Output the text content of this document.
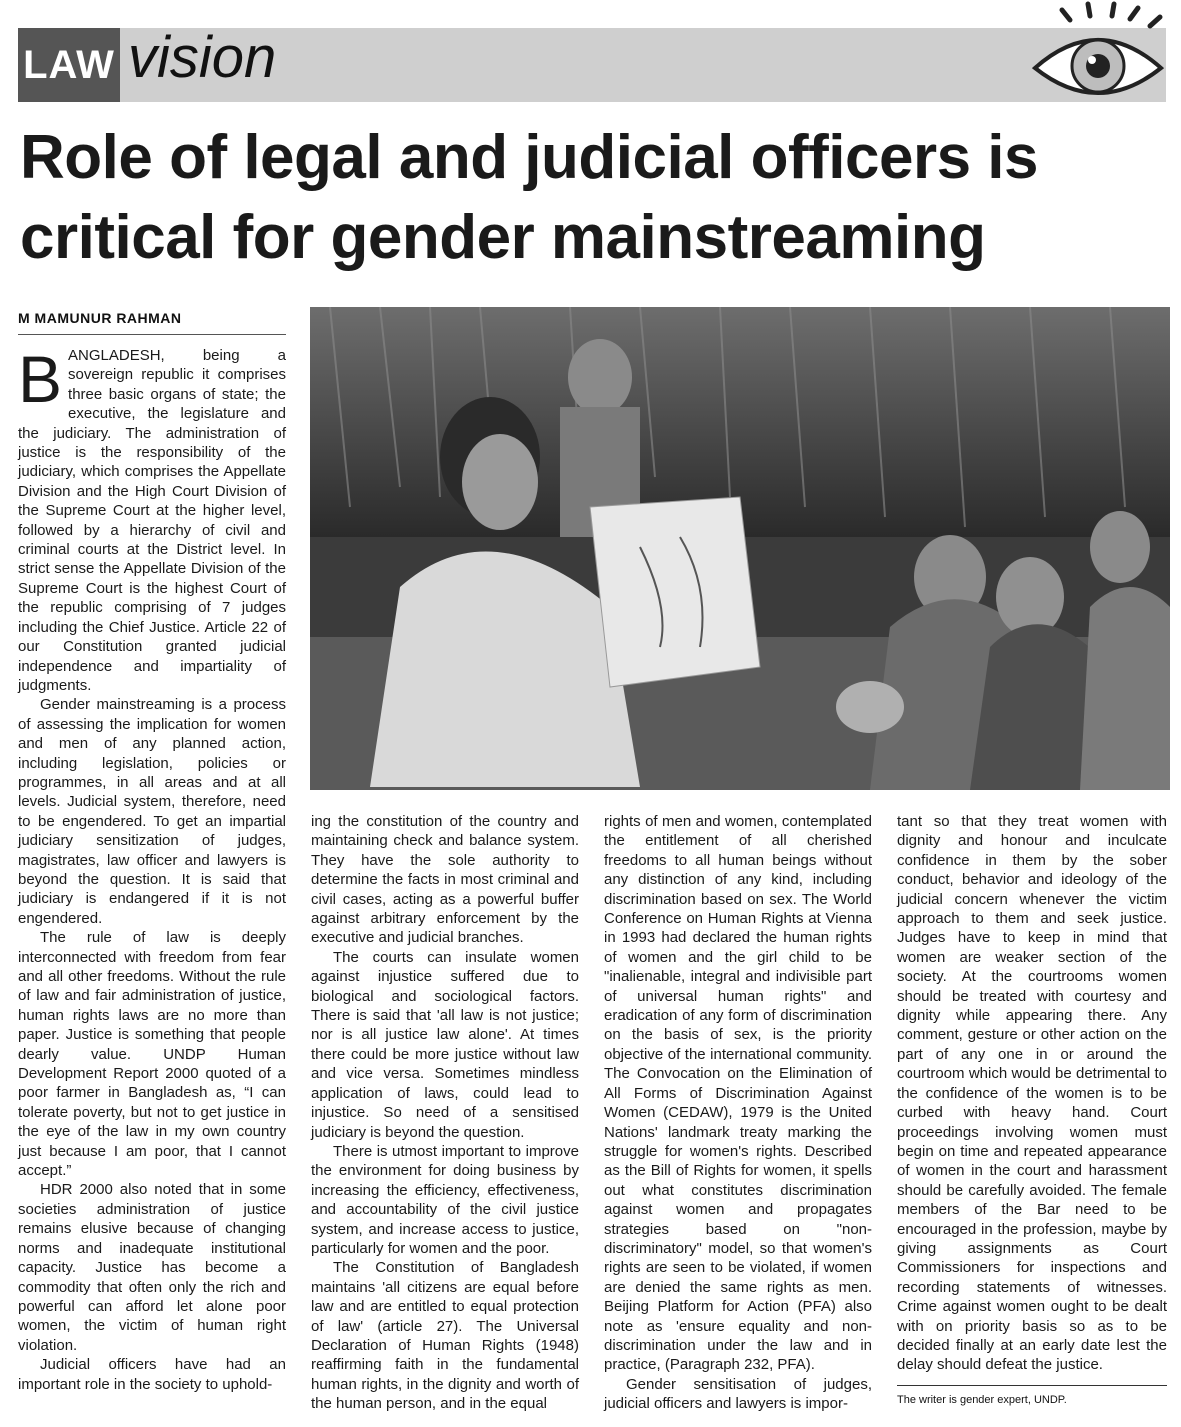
LAW vision
Role of legal and judicial officers is critical for gender mainstreaming
M MAMUNUR RAHMAN

BANGLADESH, being a sovereign republic it comprises three basic organs of state; the executive, the legislature and the judiciary. The administration of justice is the responsibility of the judiciary, which comprises the Appellate Division and the High Court Division of the Supreme Court at the higher level, followed by a hierarchy of civil and criminal courts at the District level. In strict sense the Appellate Division of the Supreme Court is the highest Court of the republic comprising of 7 judges including the Chief Justice. Article 22 of our Constitution granted judicial independence and impartiality of judgments.

Gender mainstreaming is a process of assessing the implication for women and men of any planned action, including legislation, policies or programmes, in all areas and at all levels. Judicial system, therefore, need to be engendered. To get an impartial judiciary sensitization of judges, magistrates, law officer and lawyers is beyond the question. It is said that judiciary is endangered if it is not engendered.

The rule of law is deeply interconnected with freedom from fear and all other freedoms. Without the rule of law and fair administration of justice, human rights laws are no more than paper. Justice is something that people dearly value. UNDP Human Development Report 2000 quoted of a poor farmer in Bangladesh as, “I can tolerate poverty, but not to get justice in the eye of the law in my own country just because I am poor, that I cannot accept.”

HDR 2000 also noted that in some societies administration of justice remains elusive because of changing norms and inadequate institutional capacity. Justice has become a commodity that often only the rich and powerful can afford let alone poor women, the victim of human right violation.

Judicial officers have had an important role in the society to uphold-

ing the constitution of the country and maintaining check and balance system. They have the sole authority to determine the facts in most criminal and civil cases, acting as a powerful buffer against arbitrary enforcement by the executive and judicial branches.

The courts can insulate women against injustice suffered due to biological and sociological factors. There is said that 'all law is not justice; nor is all justice law alone'. At times there could be more justice without law and vice versa. Sometimes mindless application of laws, could lead to injustice. So need of a sensitised judiciary is beyond the question.

There is utmost important to improve the environment for doing business by increasing the efficiency, effectiveness, and accountability of the civil justice system, and increase access to justice, particularly for women and the poor.

The Constitution of Bangladesh maintains 'all citizens are equal before law and are entitled to equal protection of law' (article 27). The Universal Declaration of Human Rights (1948) reaffirming faith in the fundamental human rights, in the dignity and worth of the human person, and in the equal

rights of men and women, contemplated the entitlement of all cherished freedoms to all human beings without any distinction of any kind, including discrimination based on sex. The World Conference on Human Rights at Vienna in 1993 had declared the human rights of women and the girl child to be "inalienable, integral and indivisible part of universal human rights" and eradication of any form of discrimination on the basis of sex, is the priority objective of the international community. The Convocation on the Elimination of All Forms of Discrimination Against Women (CEDAW), 1979 is the United Nations' landmark treaty marking the struggle for women's rights. Described as the Bill of Rights for women, it spells out what constitutes discrimination against women and propagates strategies based on "non-discriminatory" model, so that women's rights are seen to be violated, if women are denied the same rights as men. Beijing Platform for Action (PFA) also note as 'ensure equality and non-discrimination under the law and in practice, (Paragraph 232, PFA).

Gender sensitisation of judges, judicial officers and lawyers is impor-

tant so that they treat women with dignity and honour and inculcate confidence in them by the sober conduct, behavior and ideology of the judicial concern whenever the victim approach to them and seek justice. Judges have to keep in mind that women are weaker section of the society. At the courtrooms women should be treated with courtesy and dignity while appearing there. Any comment, gesture or other action on the part of any one in or around the courtroom which would be detrimental to the confidence of the women is to be curbed with heavy hand. Court proceedings involving women must begin on time and repeated appearance of women in the court and harassment should be carefully avoided. The female members of the Bar need to be encouraged in the profession, maybe by giving assignments as Court Commissioners for inspections and recording statements of witnesses. Crime against women ought to be dealt with on priority basis so as to be decided finally at an early date lest the delay should defeat the justice.

The writer is gender expert, UNDP.
